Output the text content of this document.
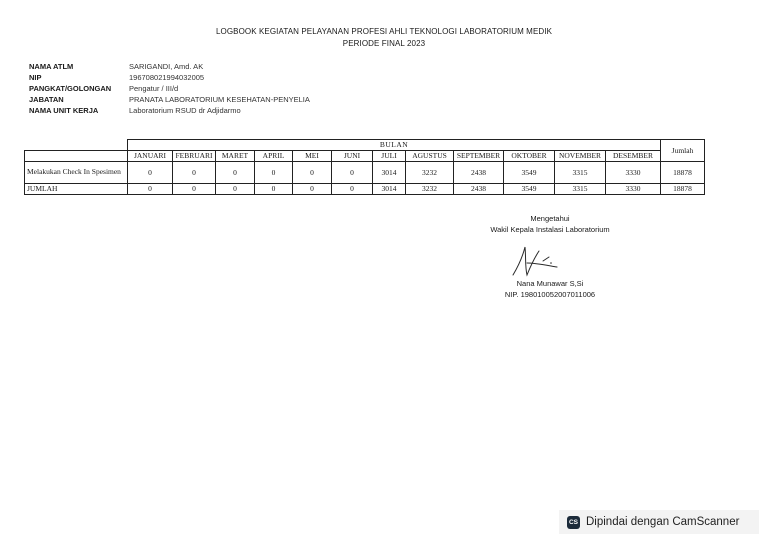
LOGBOOK KEGIATAN PELAYANAN PROFESI AHLI TEKNOLOGI LABORATORIUM MEDIK
PERIODE FINAL 2023
NAMA ATLM	SARIGANDI, Amd. AK
NIP	196708021994032005
PANGKAT/GOLONGAN	Pengatur / III/d
JABATAN	PRANATA LABORATORIUM KESEHATAN-PENYELIA
NAMA UNIT KERJA	Laboratorium RSUD dr Adjidarmo
	BULAN												Jumlah
	JANUARI	FEBRUARI	MARET	APRIL	MEI	JUNI	JULI	AGUSTUS	SEPTEMBER	OKTOBER	NOVEMBER	DESEMBER	
Melakukan Check In Spesimen	0	0	0	0	0	0	3014	3232	2438	3549	3315	3330	18878
JUMLAH	0	0	0	0	0	0	3014	3232	2438	3549	3315	3330	18878
Mengetahui
Wakil Kepala Instalasi Laboratorium
Nana Munawar S,Si
NIP. 198010052007011006
CS Dipindai dengan CamScanner
